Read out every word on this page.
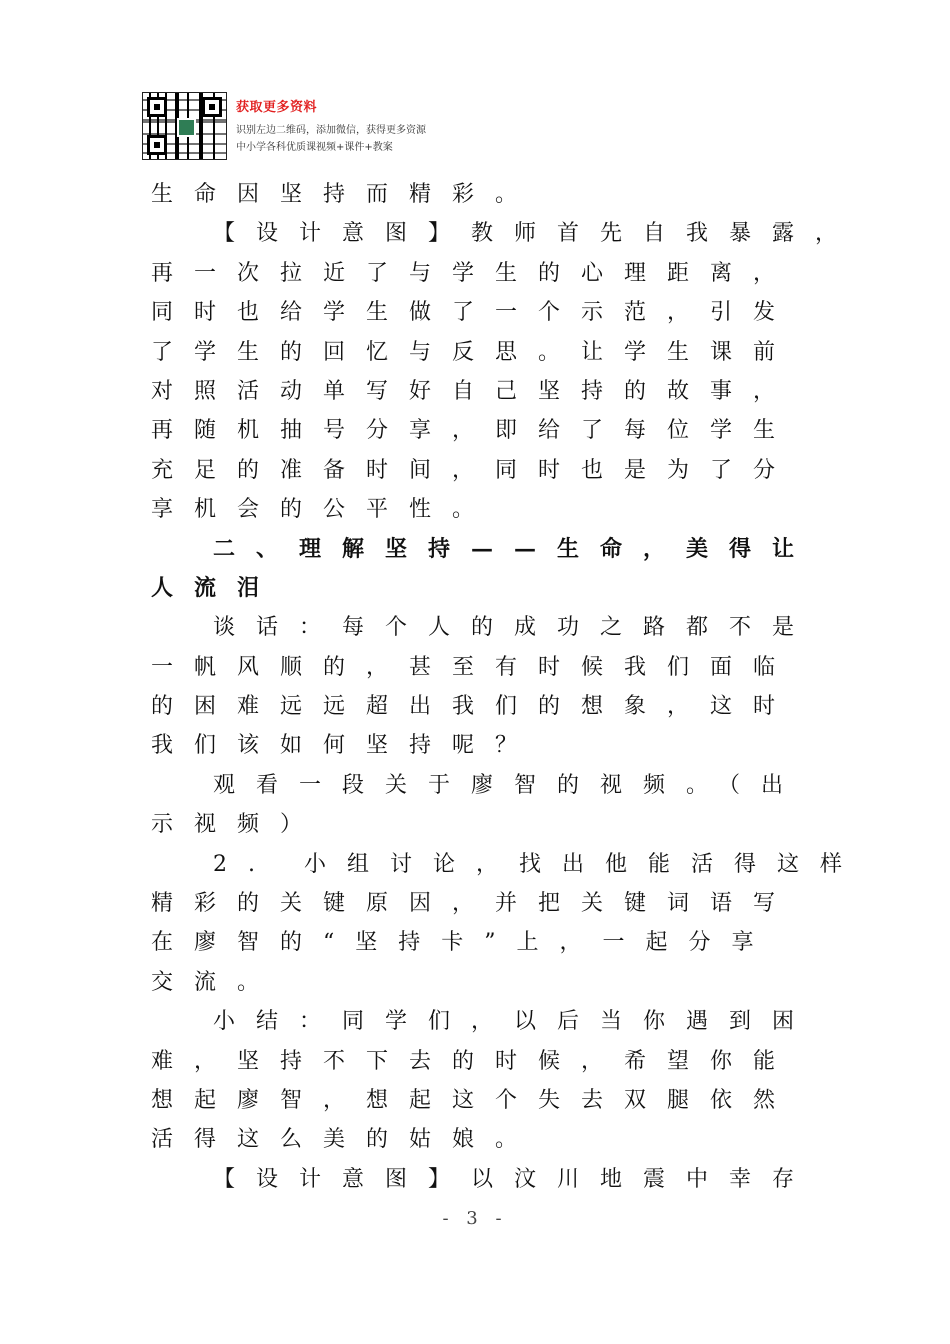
获取更多资料
识别左边二维码，添加微信，获得更多资源
中小学各科优质课视频+课件+教案
生命因坚持而精彩。
【设计意图】教师首先自我暴露，
再一次拉近了与学生的心理距离，
同时也给学生做了一个示范，引发
了学生的回忆与反思。让学生课前
对照活动单写好自己坚持的故事，
再随机抽号分享，即给了每位学生
充足的准备时间，同时也是为了分
享机会的公平性。
二、理解坚持——生命，美得让
人流泪
谈话：每个人的成功之路都不是
一帆风顺的，甚至有时候我们面临
的困难远远超出我们的想象，这时
我们该如何坚持呢？
观看一段关于廖智的视频。（出
示视频）
2. 小组讨论，找出他能活得这样
精彩的关键原因，并把关键词语写
在廖智的“坚持卡”上，一起分享
交流。
小结：同学们，以后当你遇到困
难，坚持不下去的时候，希望你能
想起廖智，想起这个失去双腿依然
活得这么美的姑娘。
【设计意图】以汶川地震中幸存
- 3 -
